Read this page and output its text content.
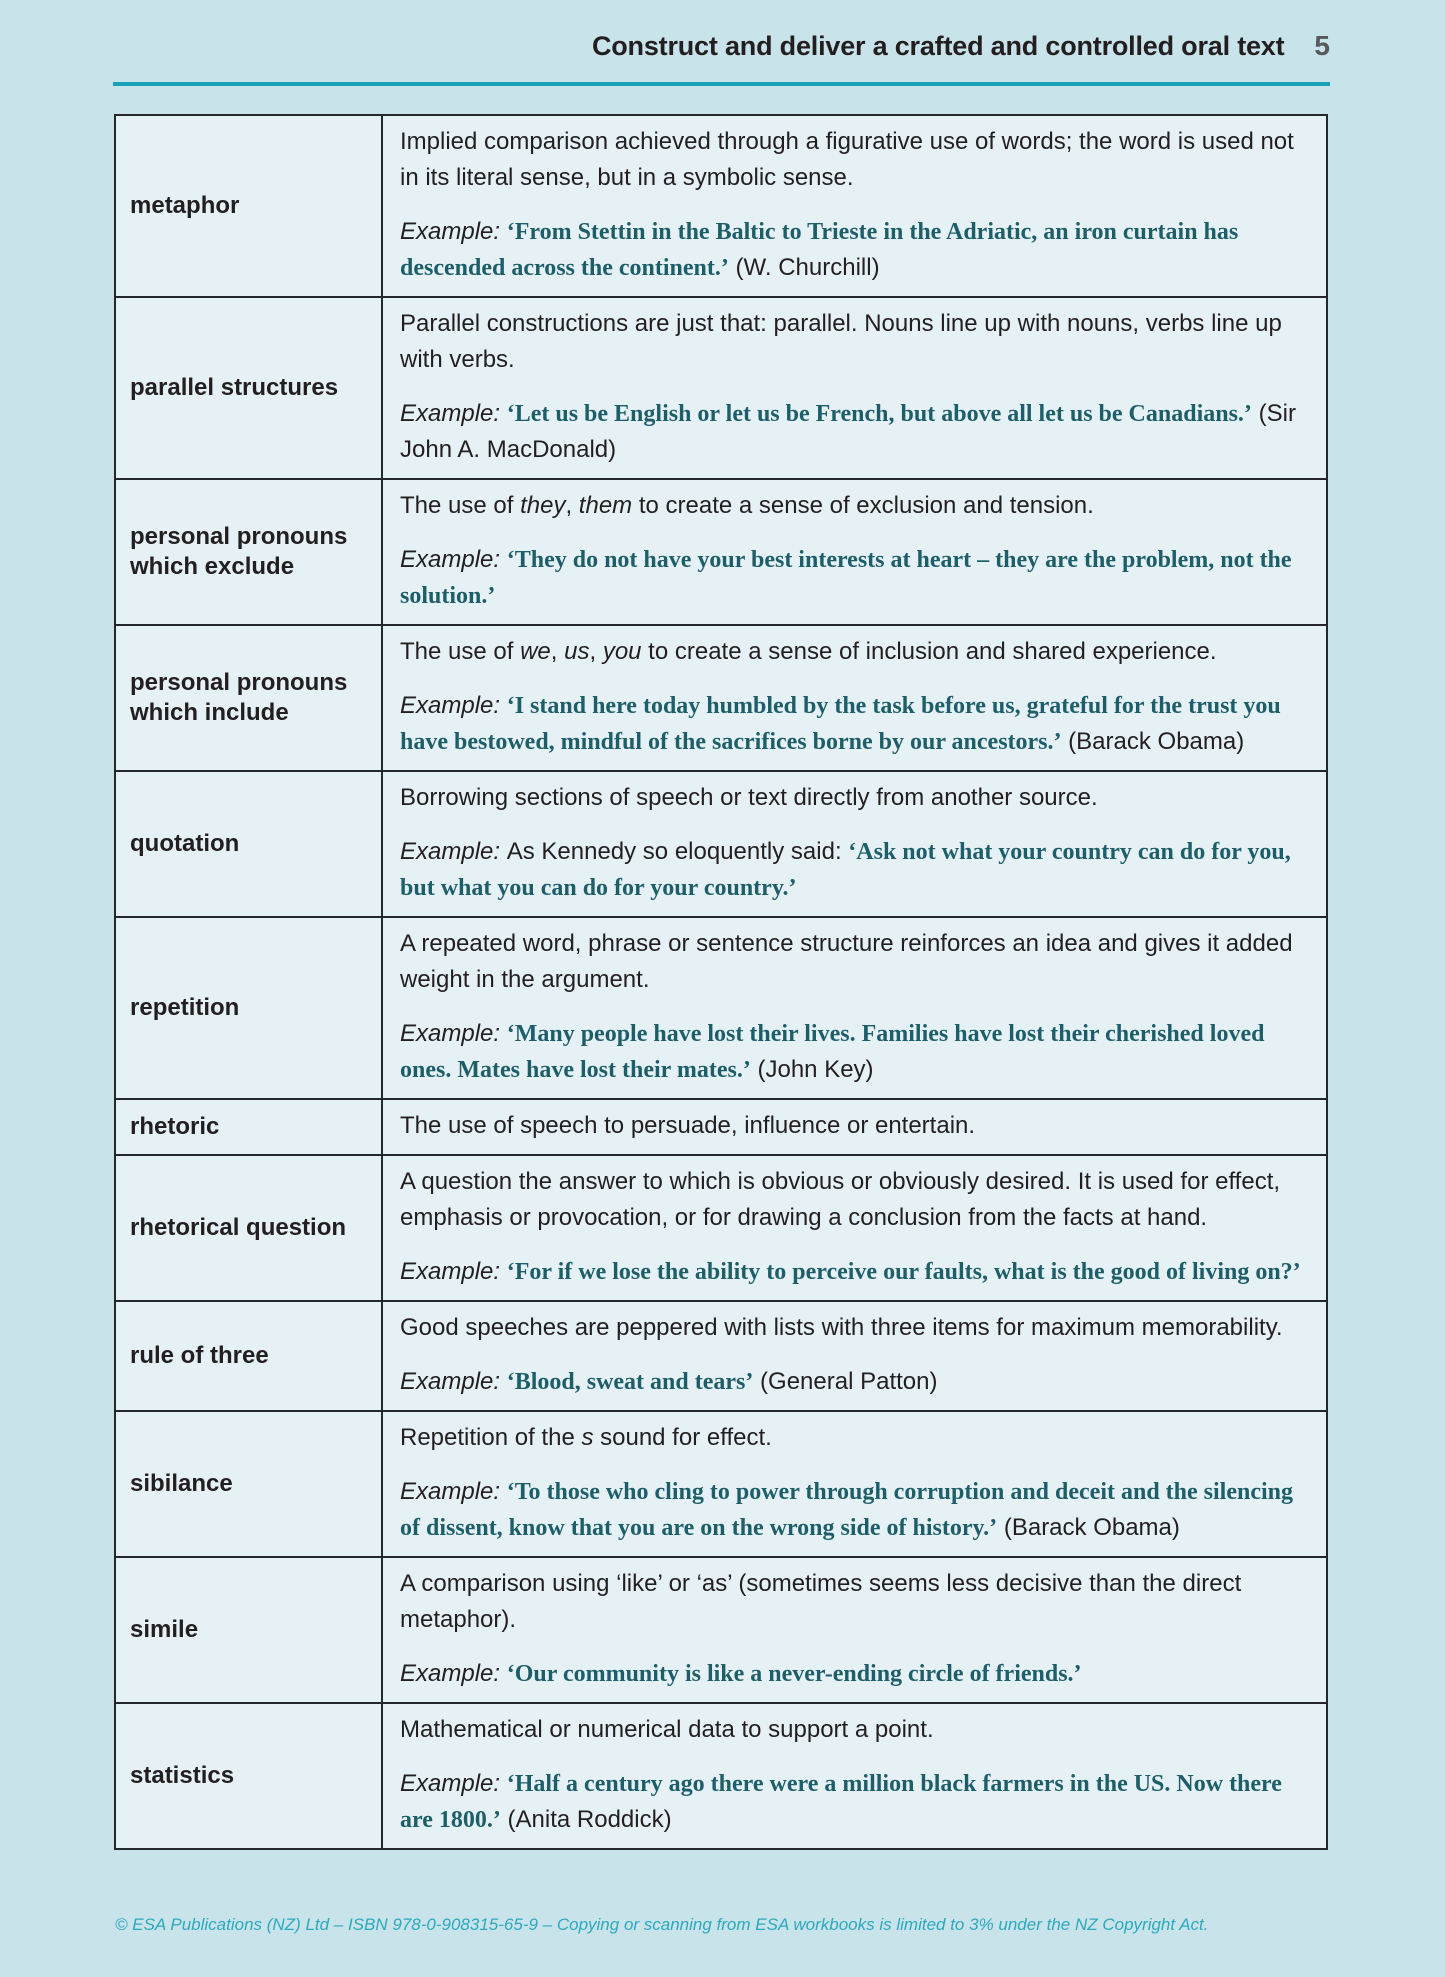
Construct and deliver a crafted and controlled oral text 5
metaphor

Implied comparison achieved through a figurative use of words; the word is used not in its literal sense, but in a symbolic sense.

Example: ‘From Stettin in the Baltic to Trieste in the Adriatic, an iron curtain has descended across the continent.’ (W. Churchill)

parallel structures

Parallel constructions are just that: parallel. Nouns line up with nouns, verbs line up with verbs.

Example: ‘Let us be English or let us be French, but above all let us be Canadians.’ (Sir John A. MacDonald)

personal pronouns which exclude

The use of they, them to create a sense of exclusion and tension.

Example: ‘They do not have your best interests at heart – they are the problem, not the solution.’

personal pronouns which include

The use of we, us, you to create a sense of inclusion and shared experience.

Example: ‘I stand here today humbled by the task before us, grateful for the trust you have bestowed, mindful of the sacrifices borne by our ancestors.’ (Barack Obama)

quotation

Borrowing sections of speech or text directly from another source.

Example: As Kennedy so eloquently said: ‘Ask not what your country can do for you, but what you can do for your country.’

repetition

A repeated word, phrase or sentence structure reinforces an idea and gives it added weight in the argument.

Example: ‘Many people have lost their lives. Families have lost their cherished loved ones. Mates have lost their mates.’ (John Key)

rhetoric	The use of speech to persuade, influence or entertain.

rhetorical question

A question the answer to which is obvious or obviously desired. It is used for effect, emphasis or provocation, or for drawing a conclusion from the facts at hand.

Example: ‘For if we lose the ability to perceive our faults, what is the good of living on?’

rule of three

Good speeches are peppered with lists with three items for maximum memorability.

Example: ‘Blood, sweat and tears’ (General Patton)

sibilance

Repetition of the s sound for effect.

Example: ‘To those who cling to power through corruption and deceit and the silencing of dissent, know that you are on the wrong side of history.’ (Barack Obama)

simile

A comparison using ‘like’ or ‘as’ (sometimes seems less decisive than the direct metaphor).

Example: ‘Our community is like a never-ending circle of friends.’

statistics

Mathematical or numerical data to support a point.

Example: ‘Half a century ago there were a million black farmers in the US. Now there are 1800.’ (Anita Roddick)

© ESA Publications (NZ) Ltd – ISBN 978-0-908315-65-9 – Copying or scanning from ESA workbooks is limited to 3% under the NZ Copyright Act.
